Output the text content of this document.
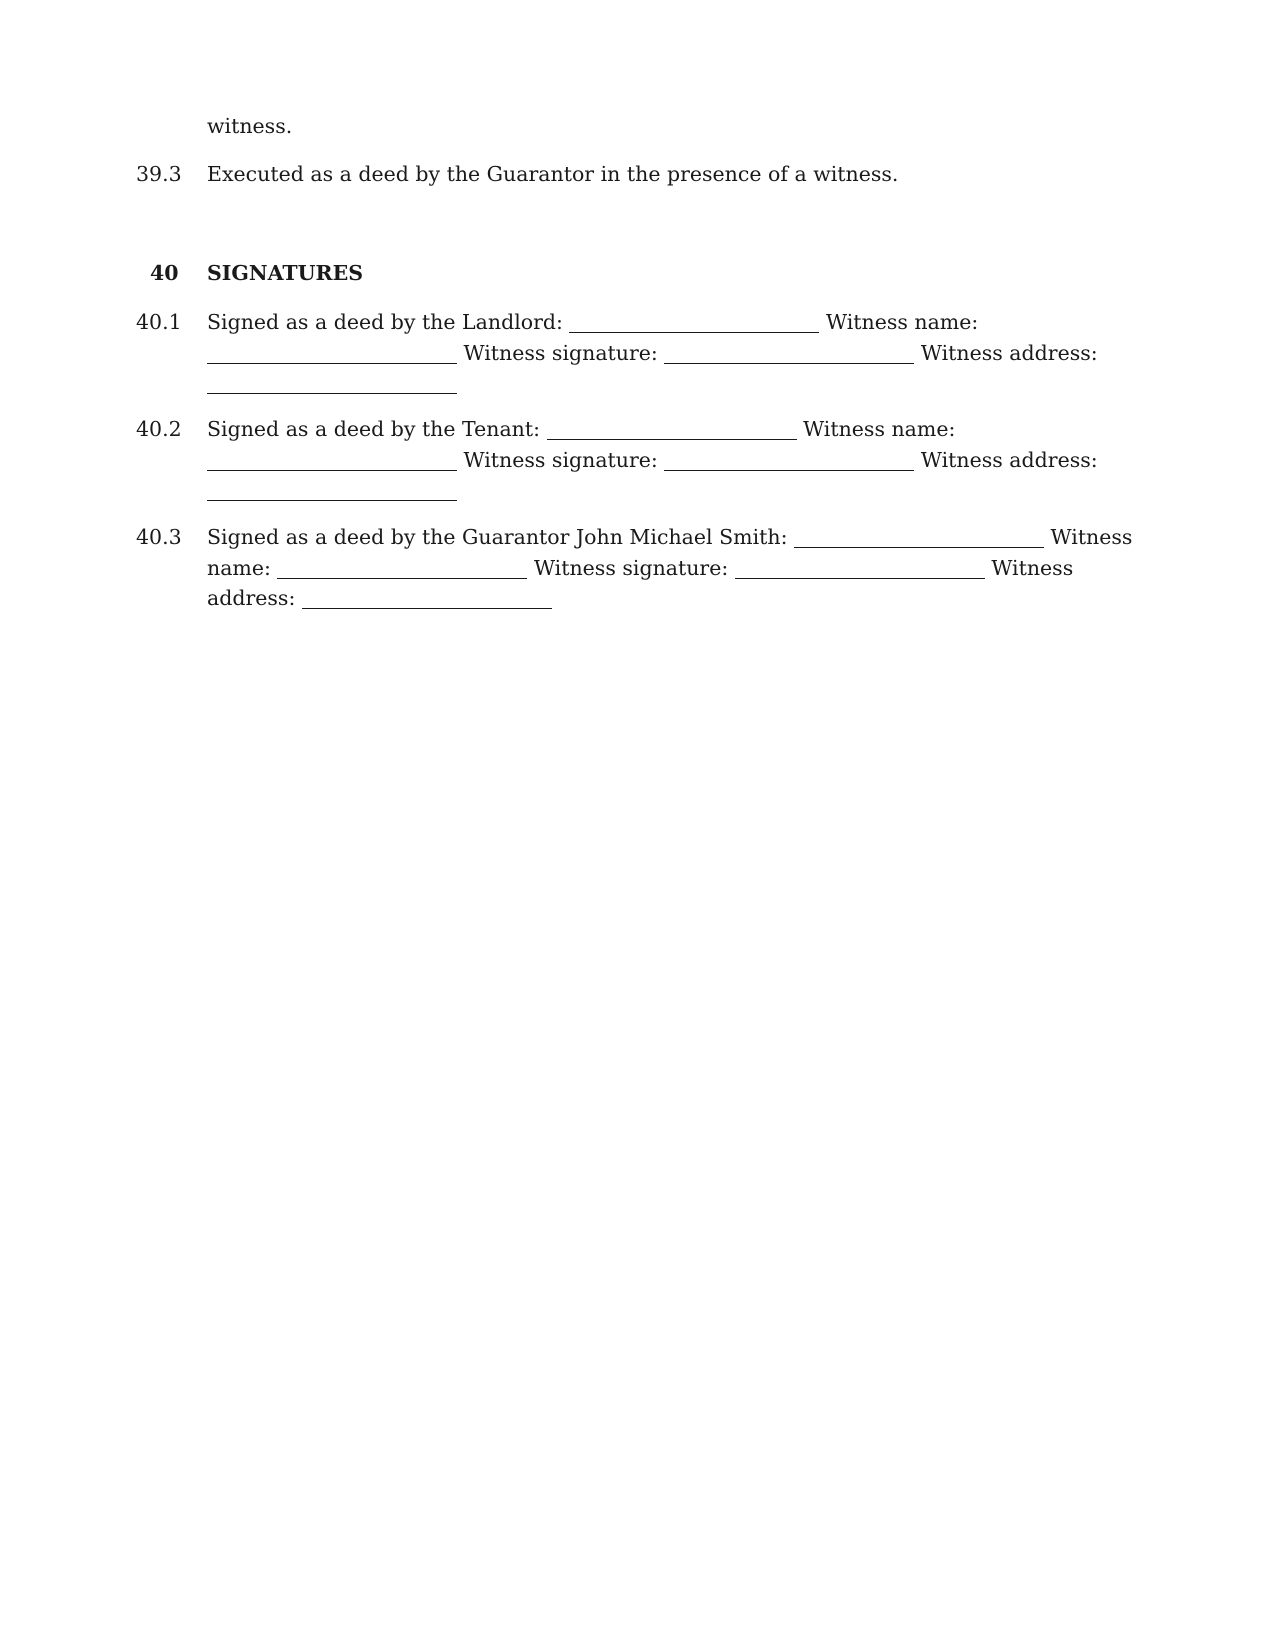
witness.
39.3	Executed as a deed by the Guarantor in the presence of a witness.
40 SIGNATURES
40.1	Signed as a deed by the Landlord:	Witness name:
Witness signature:	Witness address:
40.2	Signed as a deed by the Tenant:	Witness name:
Witness signature:	Witness address:
40.3	Signed as a deed by the Guarantor John Michael Smith:	Witness
name:	Witness signature:	Witness
address:
